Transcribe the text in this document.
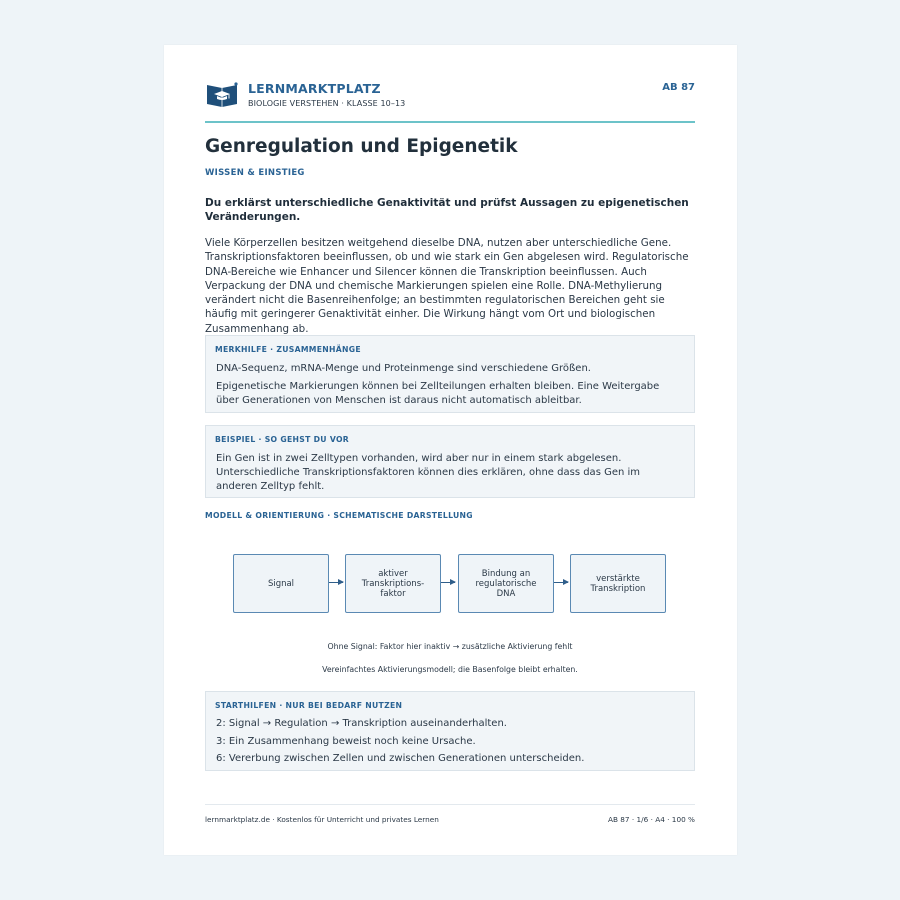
LERNMARKTPLATZ
BIOLOGIE VERSTEHEN · KLASSE 10–13
AB 87
Genregulation und Epigenetik
WISSEN & EINSTIEG

Du erklärst unterschiedliche Genaktivität und prüfst Aussagen zu epigenetischen Veränderungen.

Viele Körperzellen besitzen weitgehend dieselbe DNA, nutzen aber unterschiedliche Gene. Transkriptionsfaktoren beeinflussen, ob und wie stark ein Gen abgelesen wird. Regulatorische DNA-Bereiche wie Enhancer und Silencer können die Transkription beeinflussen. Auch Verpackung der DNA und chemische Markierungen spielen eine Rolle. DNA-Methylierung verändert nicht die Basenreihenfolge; an bestimmten regulatorischen Bereichen geht sie häufig mit geringerer Genaktivität einher. Die Wirkung hängt vom Ort und biologischen Zusammenhang ab.

MERKHILFE · ZUSAMMENHÄNGE

DNA-Sequenz, mRNA-Menge und Proteinmenge sind verschiedene Größen.

Epigenetische Markierungen können bei Zellteilungen erhalten bleiben. Eine Weitergabe über Generationen von Menschen ist daraus nicht automatisch ableitbar.

BEISPIEL · SO GEHST DU VOR

Ein Gen ist in zwei Zelltypen vorhanden, wird aber nur in einem stark abgelesen. Unterschiedliche Transkriptionsfaktoren können dies erklären, ohne dass das Gen im anderen Zelltyp fehlt.

MODELL & ORIENTIERUNG · SCHEMATISCHE DARSTELLUNG
Signal
aktiver
Transkriptions-
faktor
Bindung an
regulatorische
DNA
verstärkte
Transkription
Ohne Signal: Faktor hier inaktiv → zusätzliche Aktivierung fehlt
Vereinfachtes Aktivierungsmodell; die Basenfolge bleibt erhalten.
STARTHILFEN · NUR BEI BEDARF NUTZEN

2: Signal → Regulation → Transkription auseinanderhalten.

3: Ein Zusammenhang beweist noch keine Ursache.

6: Vererbung zwischen Zellen und zwischen Generationen unterscheiden.

lernmarktplatz.de · Kostenlos für Unterricht und privates Lernen	AB 87 · 1/6 · A4 · 100 %
